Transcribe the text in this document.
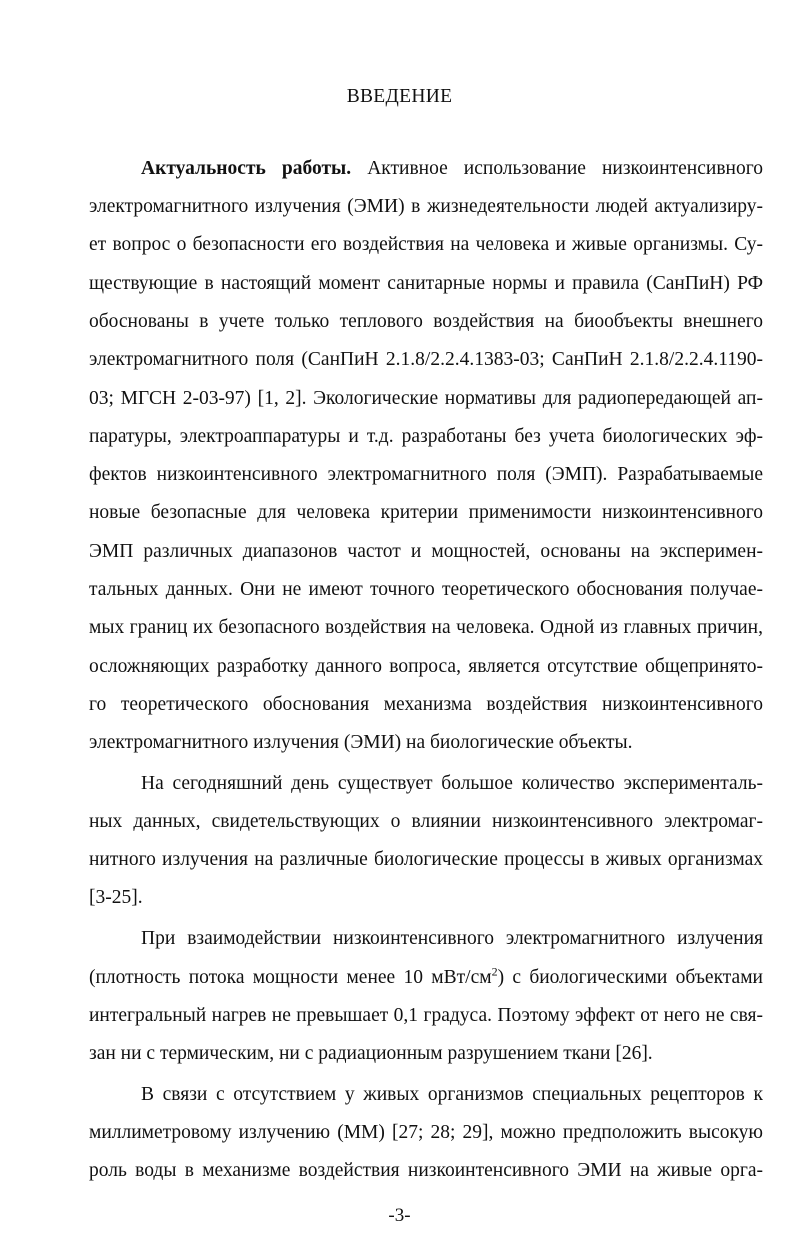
ВВЕДЕНИЕ
Актуальность работы. Активное использование низкоинтенсивного
электромагнитного излучения (ЭМИ) в жизнедеятельности людей актуализиру-
ет вопрос о безопасности его воздействия на человека и живые организмы. Су-
ществующие в настоящий момент санитарные нормы и правила (СанПиН) РФ
обоснованы в учете только теплового воздействия на биообъекты внешнего
электромагнитного поля (СанПиН 2.1.8/2.2.4.1383-03; СанПиН 2.1.8/2.2.4.1190-
03; МГСН 2-03-97) [1, 2]. Экологические нормативы для радиопередающей ап-
паратуры, электроаппаратуры и т.д. разработаны без учета биологических эф-
фектов низкоинтенсивного электромагнитного поля (ЭМП). Разрабатываемые
новые безопасные для человека критерии применимости низкоинтенсивного
ЭМП различных диапазонов частот и мощностей, основаны на эксперимен-
тальных данных. Они не имеют точного теоретического обоснования получае-
мых границ их безопасного воздействия на человека. Одной из главных причин,
осложняющих разработку данного вопроса, является отсутствие общепринято-
го теоретического обоснования механизма воздействия низкоинтенсивного
электромагнитного излучения (ЭМИ) на биологические объекты.
На сегодняшний день существует большое количество эксперименталь-
ных данных, свидетельствующих о влиянии низкоинтенсивного электромаг-
нитного излучения на различные биологические процессы в живых организмах
[3-25].
При взаимодействии низкоинтенсивного электромагнитного излучения
(плотность потока мощности менее 10 мВт/$см^2$) с биологическими объектами
интегральный нагрев не превышает 0,1 градуса. Поэтому эффект от него не свя-
зан ни с термическим, ни с радиационным разрушением ткани [26].
В связи с отсутствием у живых организмов специальных рецепторов к
миллиметровому излучению (ММ) [27; 28; 29], можно предположить высокую
роль воды в механизме воздействия низкоинтенсивного ЭМИ на живые орга-
-3-
